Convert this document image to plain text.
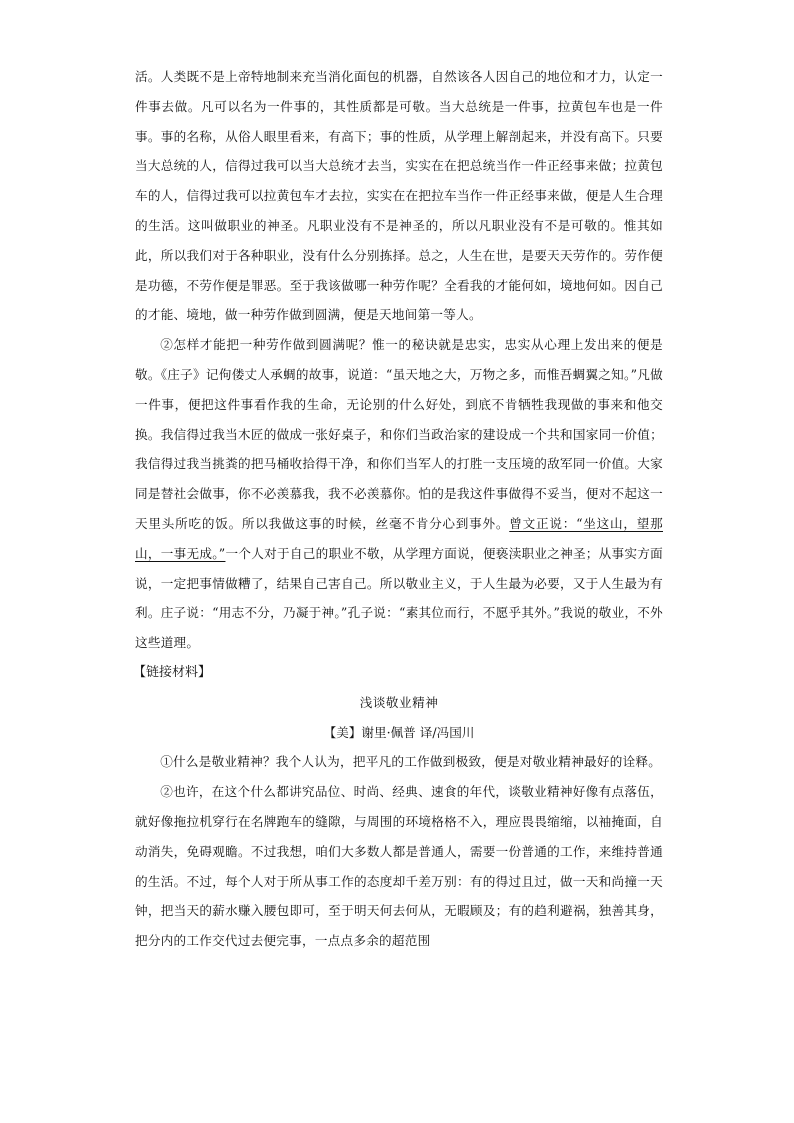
活。人类既不是上帝特地制来充当消化面包的机器，自然该各人因自己的地位和才力，认定一件事去做。凡可以名为一件事的，其性质都是可敬。当大总统是一件事，拉黄包车也是一件事。事的名称，从俗人眼里看来，有高下；事的性质，从学理上解剖起来，并没有高下。只要当大总统的人，信得过我可以当大总统才去当，实实在在把总统当作一件正经事来做；拉黄包车的人，信得过我可以拉黄包车才去拉，实实在在把拉车当作一件正经事来做，便是人生合理的生活。这叫做职业的神圣。凡职业没有不是神圣的，所以凡职业没有不是可敬的。惟其如此，所以我们对于各种职业，没有什么分别拣择。总之，人生在世，是要天天劳作的。劳作便是功德，不劳作便是罪恶。至于我该做哪一种劳作呢？全看我的才能何如，境地何如。因自己的才能、境地，做一种劳作做到圆满，便是天地间第一等人。

②怎样才能把一种劳作做到圆满呢？惟一的秘诀就是忠实，忠实从心理上发出来的便是敬。《庄子》记佝偻丈人承蜩的故事，说道：“虽天地之大，万物之多，而惟吾蜩翼之知。”凡做一件事，便把这件事看作我的生命，无论别的什么好处，到底不肯牺牲我现做的事来和他交换。我信得过我当木匠的做成一张好桌子，和你们当政治家的建设成一个共和国家同一价值；我信得过我当挑粪的把马桶收拾得干净，和你们当军人的打胜一支压境的敌军同一价值。大家同是替社会做事，你不必羡慕我，我不必羡慕你。怕的是我这件事做得不妥当，便对不起这一天里头所吃的饭。所以我做这事的时候，丝毫不肯分心到事外。曾文正说：“坐这山，望那山，一事无成。”一个人对于自己的职业不敬，从学理方面说，便亵渎职业之神圣；从事实方面说，一定把事情做糟了，结果自己害自己。所以敬业主义，于人生最为必要，又于人生最为有利。庄子说：“用志不分，乃凝于神。”孔子说：“素其位而行，不愿乎其外。”我说的敬业，不外这些道理。

【链接材料】

浅谈敬业精神

【美】谢里·佩普 译/冯国川

①什么是敬业精神？我个人认为，把平凡的工作做到极致，便是对敬业精神最好的诠释。

②也许，在这个什么都讲究品位、时尚、经典、速食的年代，谈敬业精神好像有点落伍，就好像拖拉机穿行在名牌跑车的缝隙，与周围的环境格格不入，理应畏畏缩缩，以袖掩面，自动消失，免碍观瞻。不过我想，咱们大多数人都是普通人，需要一份普通的工作，来维持普通的生活。不过，每个人对于所从事工作的态度却千差万别：有的得过且过，做一天和尚撞一天钟，把当天的薪水赚入腰包即可，至于明天何去何从，无暇顾及；有的趋利避祸，独善其身，把分内的工作交代过去便完事，一点点多余的超范围
